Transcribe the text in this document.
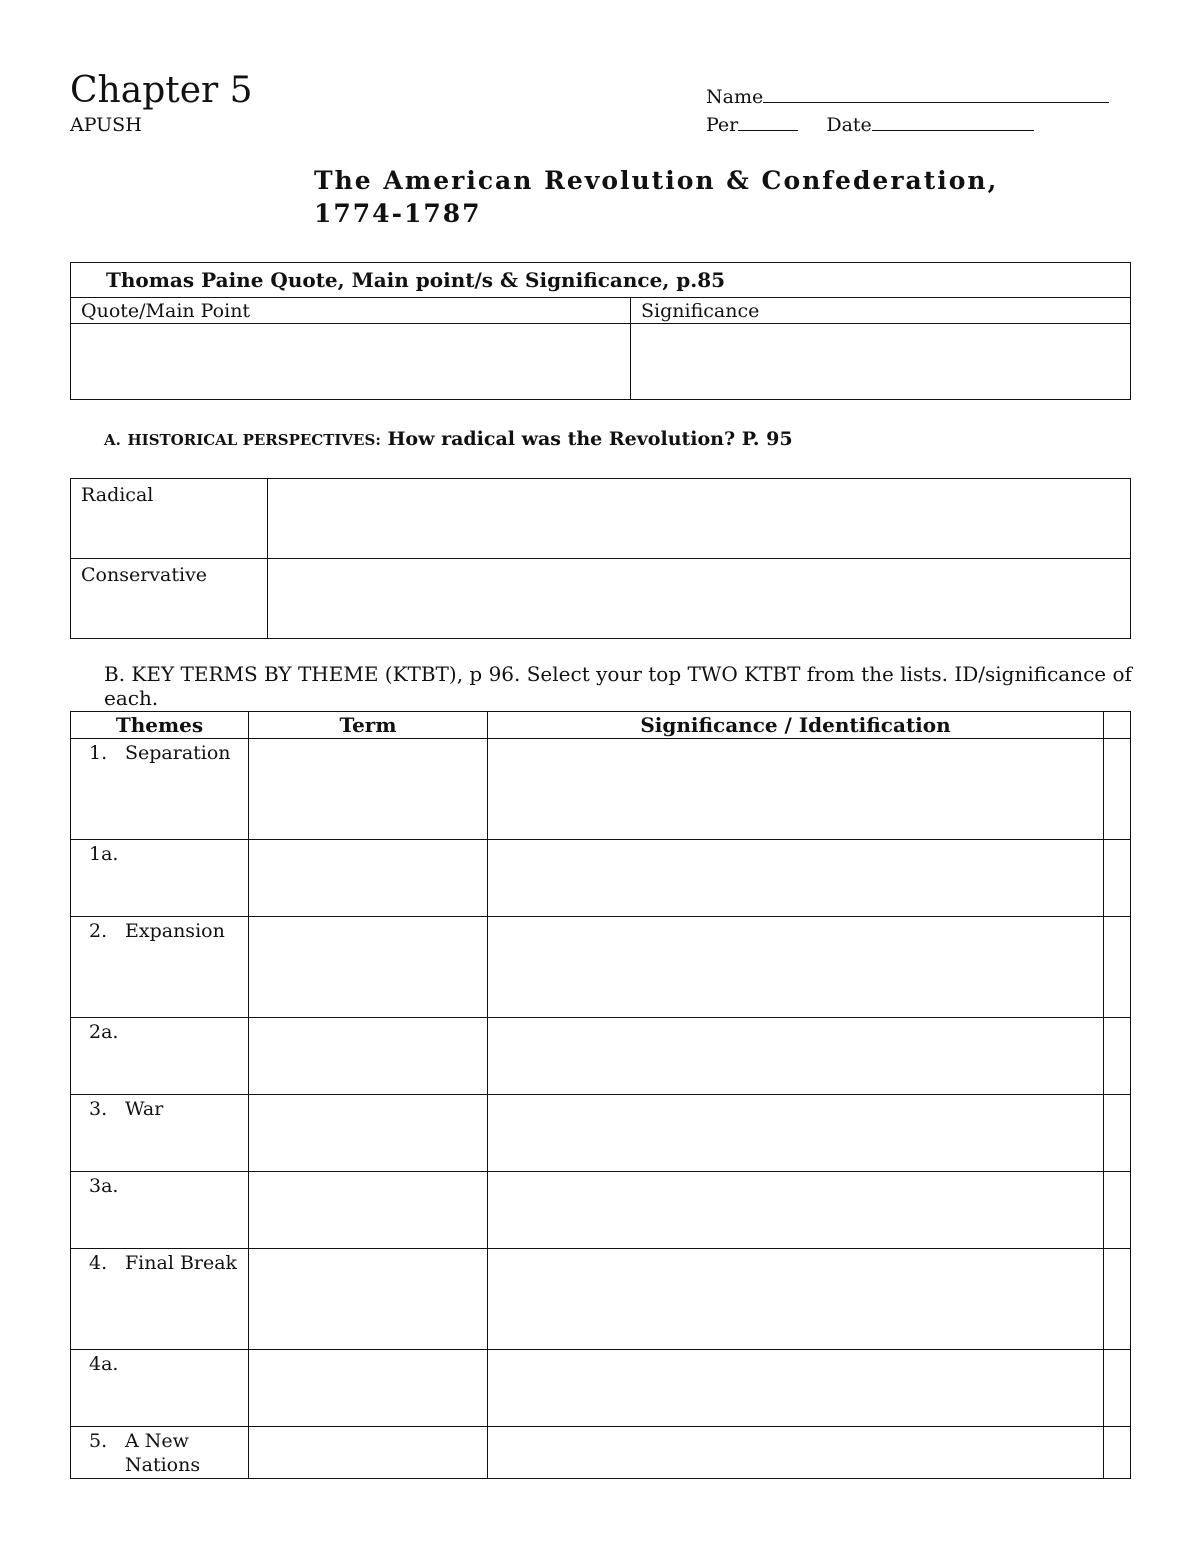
Chapter 5
APUSH
Name
Per	Date
The American Revolution & Confederation, 1774-1787
Thomas Paine Quote, Main point/s & Significance, p.85	
Quote/Main Point	Significance

A. HISTORICAL PERSPECTIVES: How radical was the Revolution? P. 95
Radical	
Conservative	
B. KEY TERMS BY THEME (KTBT), p 96. Select your top TWO KTBT from the lists. ID/significance of each.
Themes	Term	Significance / Identification	

1. Separation			

1a.			

2. Expansion			

2a.			

3. War			

3a.			

4. Final Break			

4a.			

5. A New Nations			
